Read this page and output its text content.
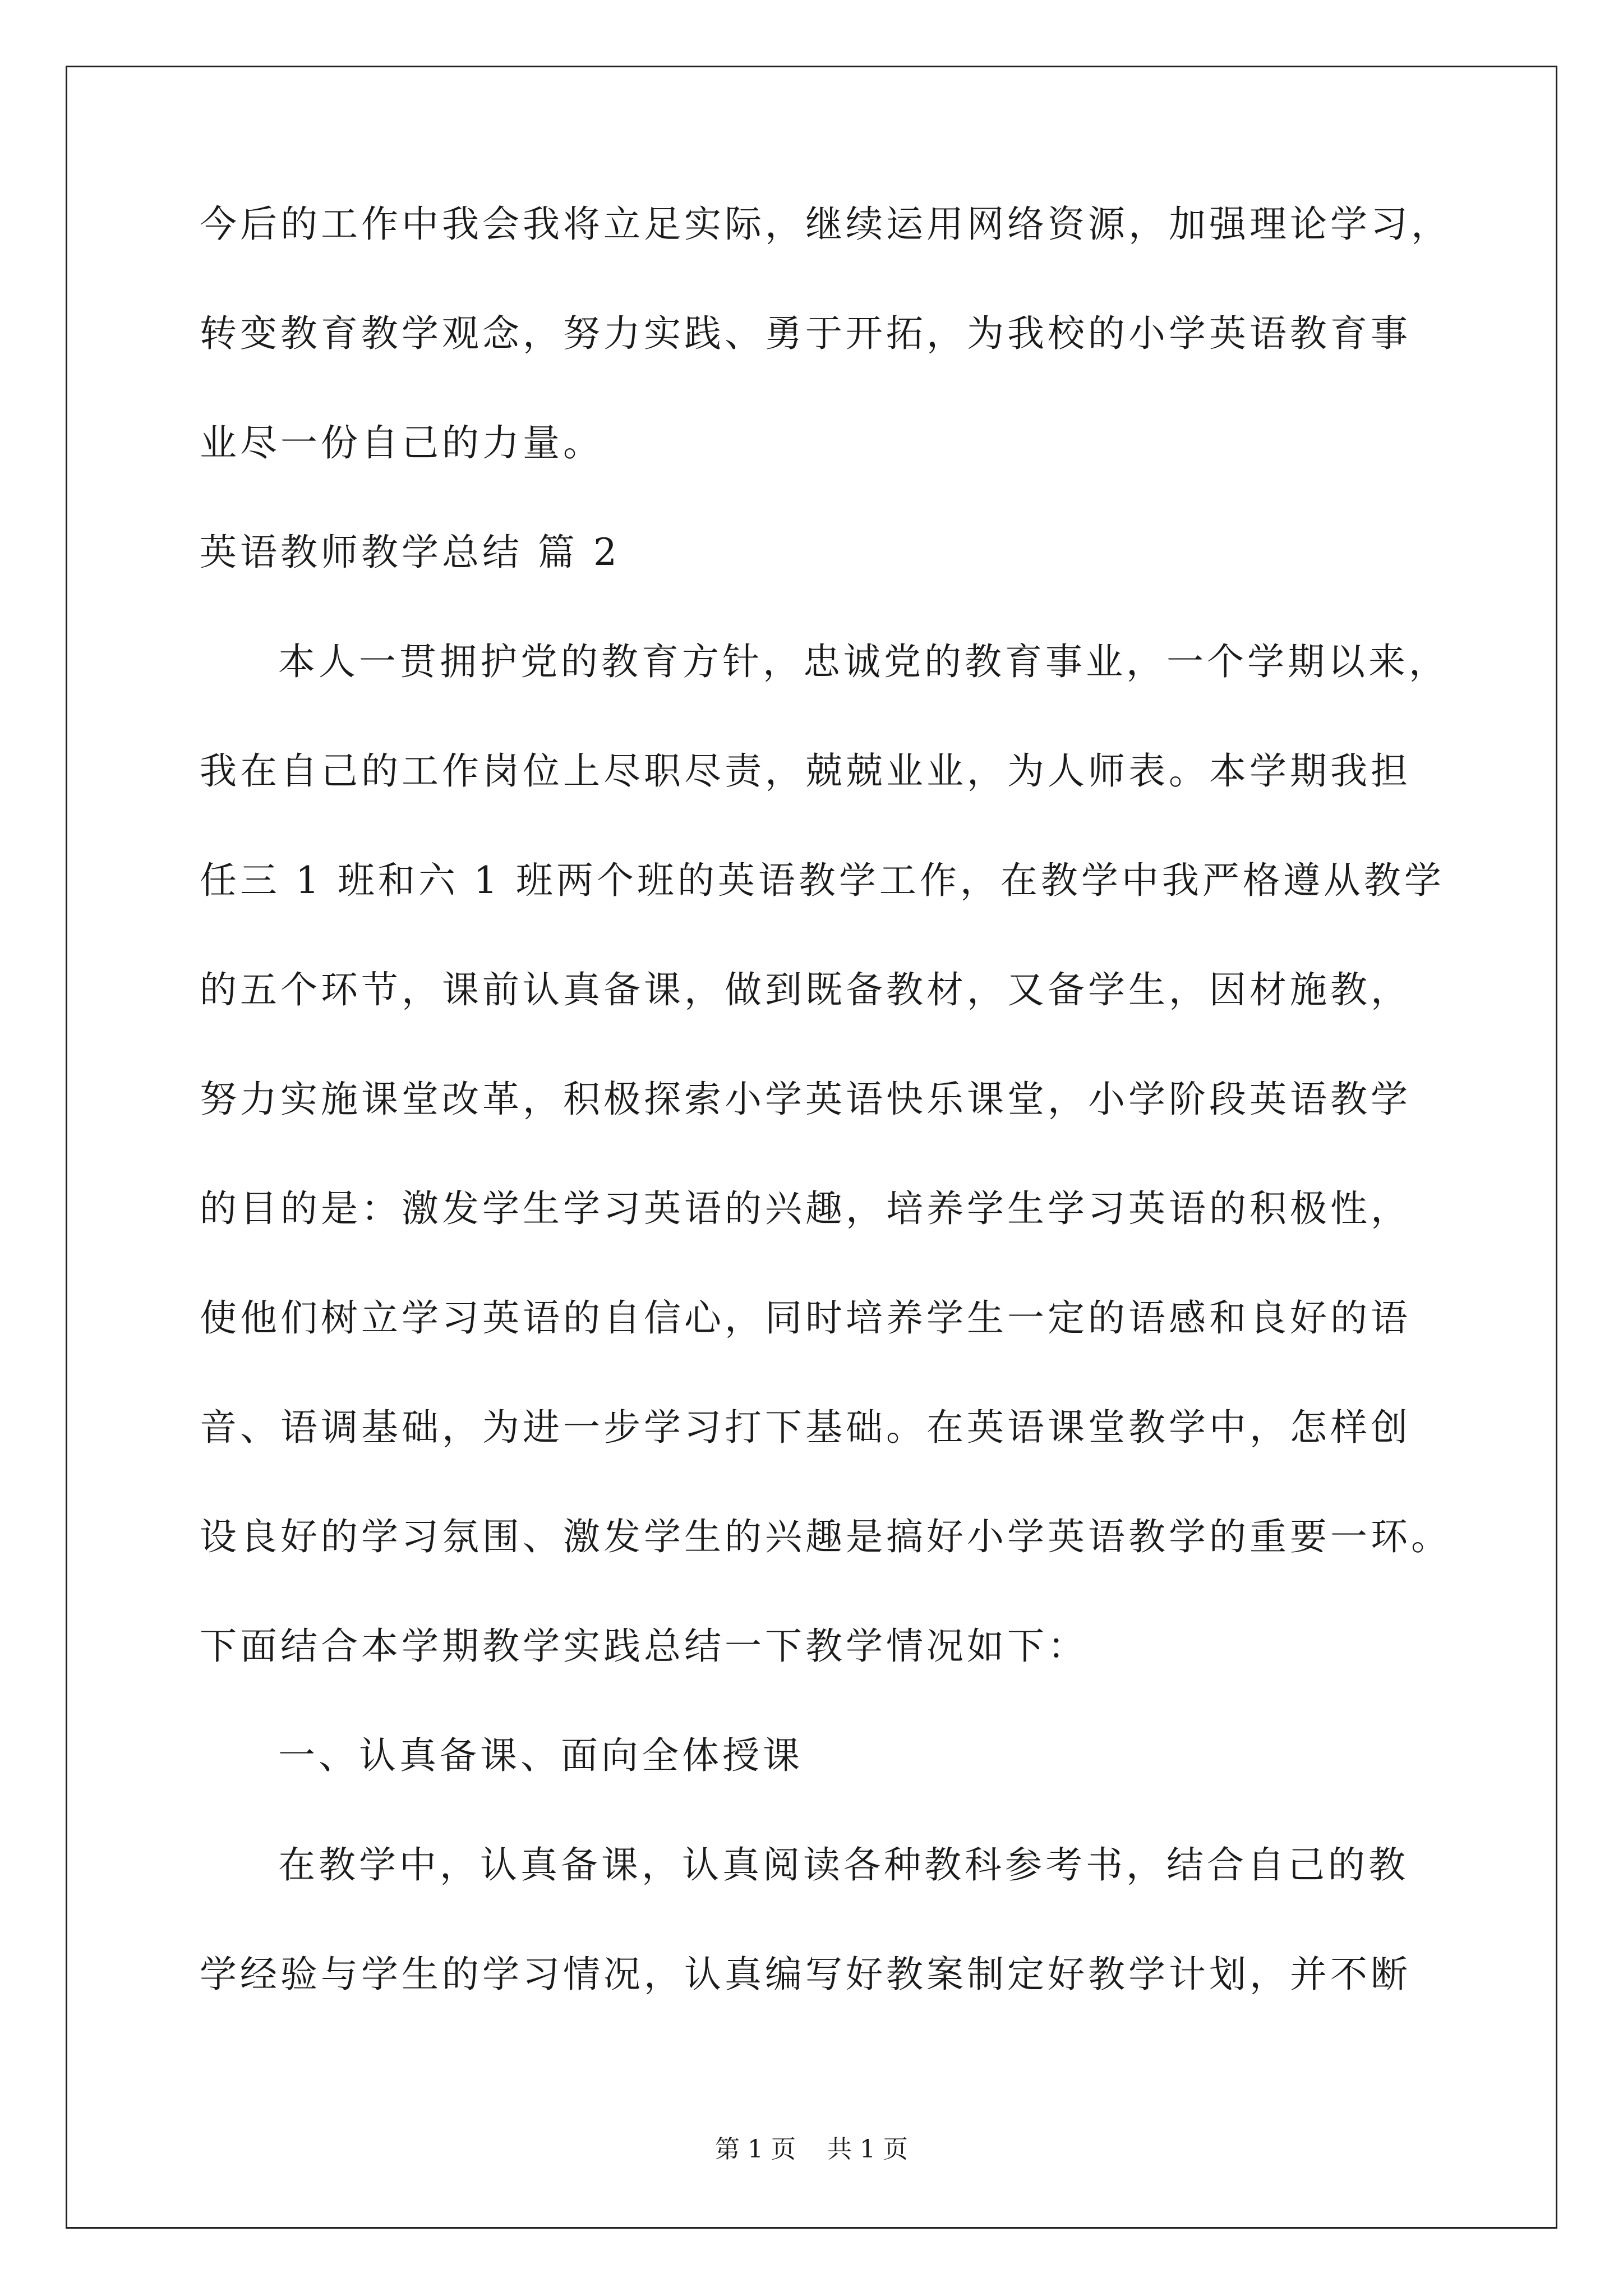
今后的工作中我会我将立足实际，继续运用网络资源，加强理论学习，
转变教育教学观念，努力实践、勇于开拓，为我校的小学英语教育事
业尽一份自己的力量。
英语教师教学总结 篇 2
本人一贯拥护党的教育方针，忠诚党的教育事业，一个学期以来，
我在自己的工作岗位上尽职尽责，兢兢业业，为人师表。本学期我担
任三 1 班和六 1 班两个班的英语教学工作，在教学中我严格遵从教学
的五个环节，课前认真备课，做到既备教材，又备学生，因材施教，
努力实施课堂改革，积极探索小学英语快乐课堂，小学阶段英语教学
的目的是：激发学生学习英语的兴趣，培养学生学习英语的积极性，
使他们树立学习英语的自信心，同时培养学生一定的语感和良好的语
音、语调基础，为进一步学习打下基础。在英语课堂教学中，怎样创
设良好的学习氛围、激发学生的兴趣是搞好小学英语教学的重要一环。
下面结合本学期教学实践总结一下教学情况如下：
一、认真备课、面向全体授课
在教学中，认真备课，认真阅读各种教科参考书，结合自己的教
学经验与学生的学习情况，认真编写好教案制定好教学计划，并不断
第 1 页    共 1 页
